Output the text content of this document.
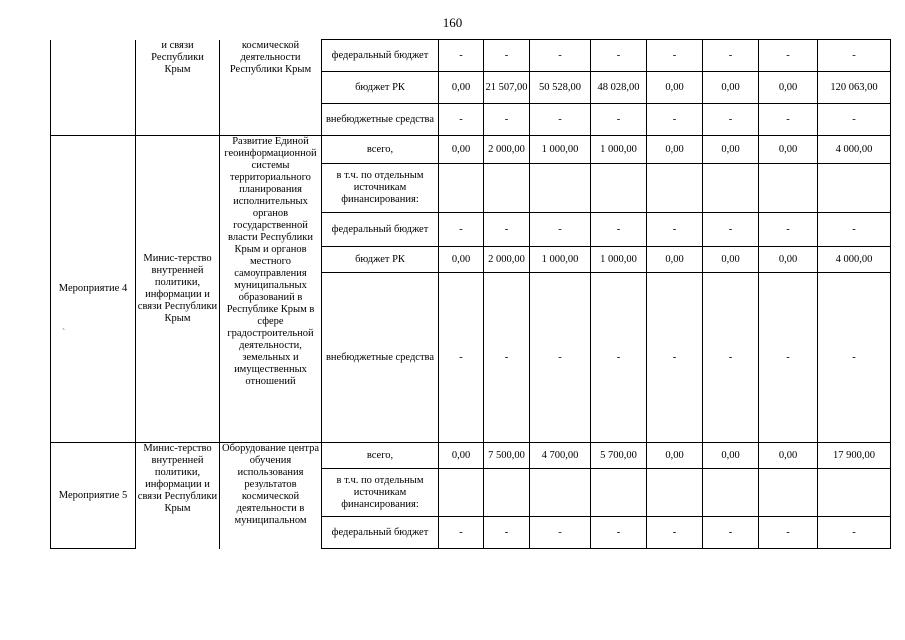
160
	и связи Республики Крым	космической деятельности Республики Крым	федеральный бюджет	-	-	-	-	-	-	-	-
			бюджет РК	0,00	21 507,00	50 528,00	48 028,00	0,00	0,00	0,00	120 063,00
			внебюджетные средства	-	-	-	-	-	-	-	-
Мероприятие 4	Минис-терство внутренней политики, информации и связи Республики Крым	Развитие Единой геоинформационной системы территориального планирования исполнительных органов государственной власти Республики Крым и органов местного самоуправления муниципальных образований в Республике Крым в сфере градостроительной деятельности, земельных и имущественных отношений	всего,	0,00	2 000,00	1 000,00	1 000,00	0,00	0,00	0,00	4 000,00
			в т.ч. по отдельным источникам финансирования:								
			федеральный бюджет	-	-	-	-	-	-	-	-
			бюджет РК	0,00	2 000,00	1 000,00	1 000,00	0,00	0,00	0,00	4 000,00
			внебюджетные средства	-	-	-	-	-	-	-	-
Мероприятие 5	Минис-терство внутренней политики, информации и связи Республики Крым	Оборудование центра обучения использования результатов космической деятельности в муниципальном	всего,	0,00	7 500,00	4 700,00	5 700,00	0,00	0,00	0,00	17 900,00
			в т.ч. по отдельным источникам финансирования:								
			федеральный бюджет	-	-	-	-	-	-	-	-
`
